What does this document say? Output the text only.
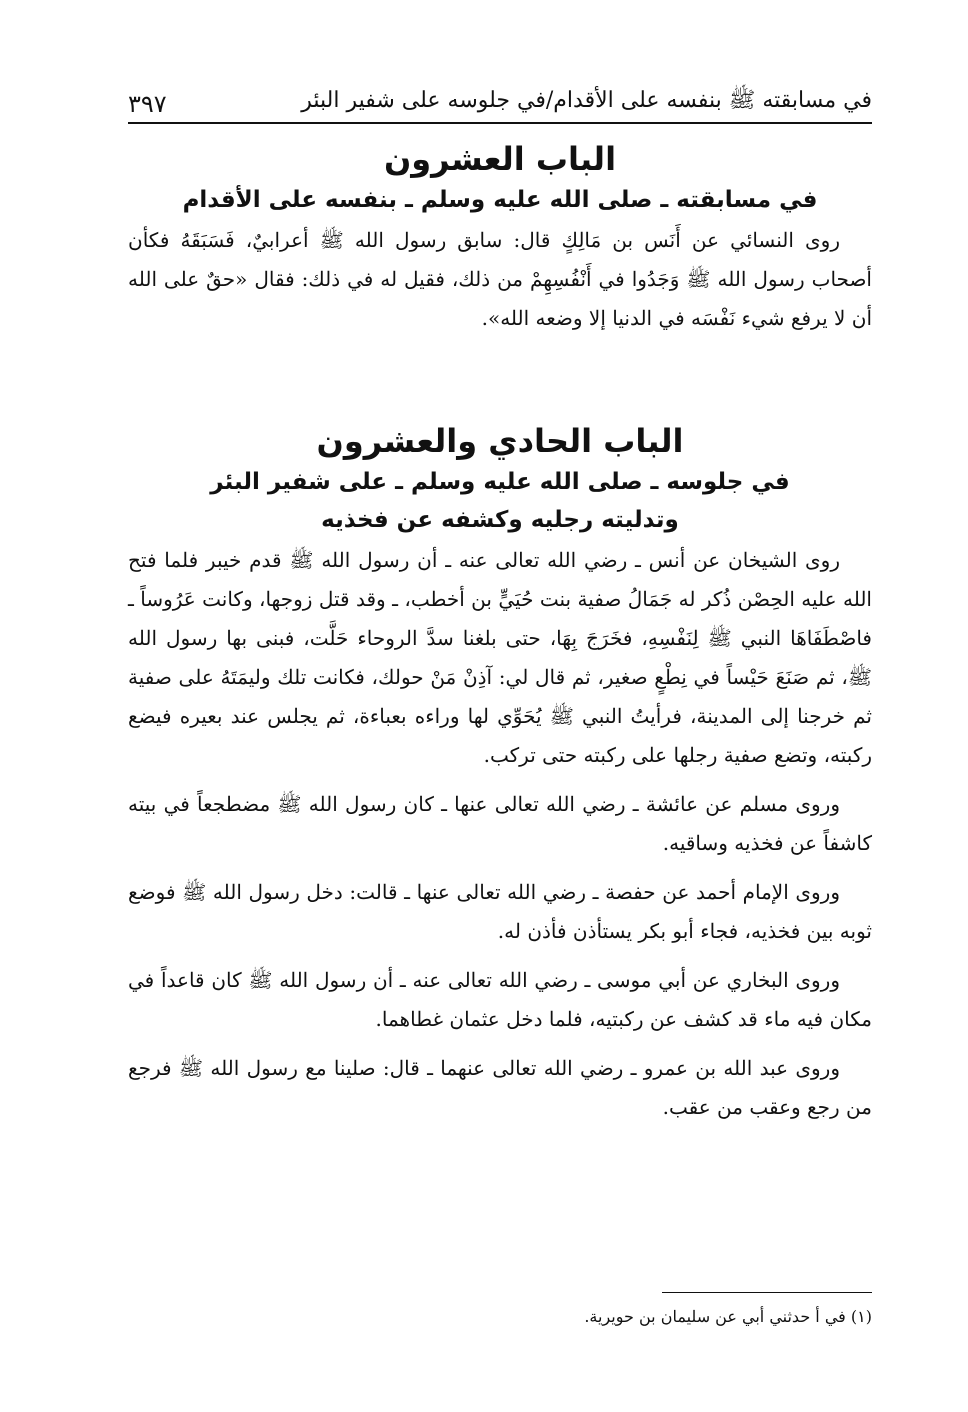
في مسابقته ﷺ بنفسه على الأقدام/في جلوسه على شفير البئر
٣٩٧
الباب العشرون
في مسابقته ـ صلى الله عليه وسلم ـ بنفسه على الأقدام

روى النسائي عن أَنَس بن مَالِكٍ قال: سابق رسول الله ﷺ أعرابيٌ، فَسَبَقَهُ فكأن أصحاب رسول الله ﷺ وَجَدُوا في أَنْفُسِهِمْ من ذلك، فقيل له في ذلك: فقال «حقٌ على الله أن لا يرفع شيء نَفْسَه في الدنيا إلا وضعه الله».

الباب الحادي والعشرون
في جلوسه ـ صلى الله عليه وسلم ـ على شفير البئر
وتدليته رجليه وكشفه عن فخذيه

روى الشيخان عن أنس ـ رضي الله تعالى عنه ـ أن رسول الله ﷺ قدم خيبر فلما فتح الله عليه الحِصْن ذُكر له جَمَالُ صفية بنت حُيَيٍّ بن أخطب، ـ وقد قتل زوجها، وكانت عَرُوساً ـ فاصْطَفَاهَا النبي ﷺ لِنَفْسِهِ، فخَرَجَ بِهَا، حتى بلغنا سدَّ الروحاء حَلَّت، فبنى بها رسول الله ﷺ، ثم صَنَعَ حَيْساً في نِطْعٍ صغير، ثم قال لي: آذِنْ مَنْ حولك، فكانت تلك وليمَتَهُ على صفية ثم خرجنا إلى المدينة، فرأيتُ النبي ﷺ يُحَوِّي لها وراءه بعباءة، ثم يجلس عند بعيره فيضع ركبته، وتضع صفية رجلها على ركبته حتى تركب.

وروى مسلم عن عائشة ـ رضي الله تعالى عنها ـ كان رسول الله ﷺ مضطجعاً في بيته كاشفاً عن فخذيه وساقيه.

وروى الإمام أحمد عن حفصة ـ رضي الله تعالى عنها ـ قالت: دخل رسول الله ﷺ فوضع ثوبه بين فخذيه، فجاء أبو بكر يستأذن فأذن له.

وروى البخاري عن أبي موسى ـ رضي الله تعالى عنه ـ أن رسول الله ﷺ كان قاعداً في مكان فيه ماء قد كشف عن ركبتيه، فلما دخل عثمان غطاهما.

وروى عبد الله بن عمرو ـ رضي الله تعالى عنهما ـ قال: صلينا مع رسول الله ﷺ فرجع من رجع وعقب من عقب.

(١) في أ حدثني أبي عن سليمان بن حويرية.
